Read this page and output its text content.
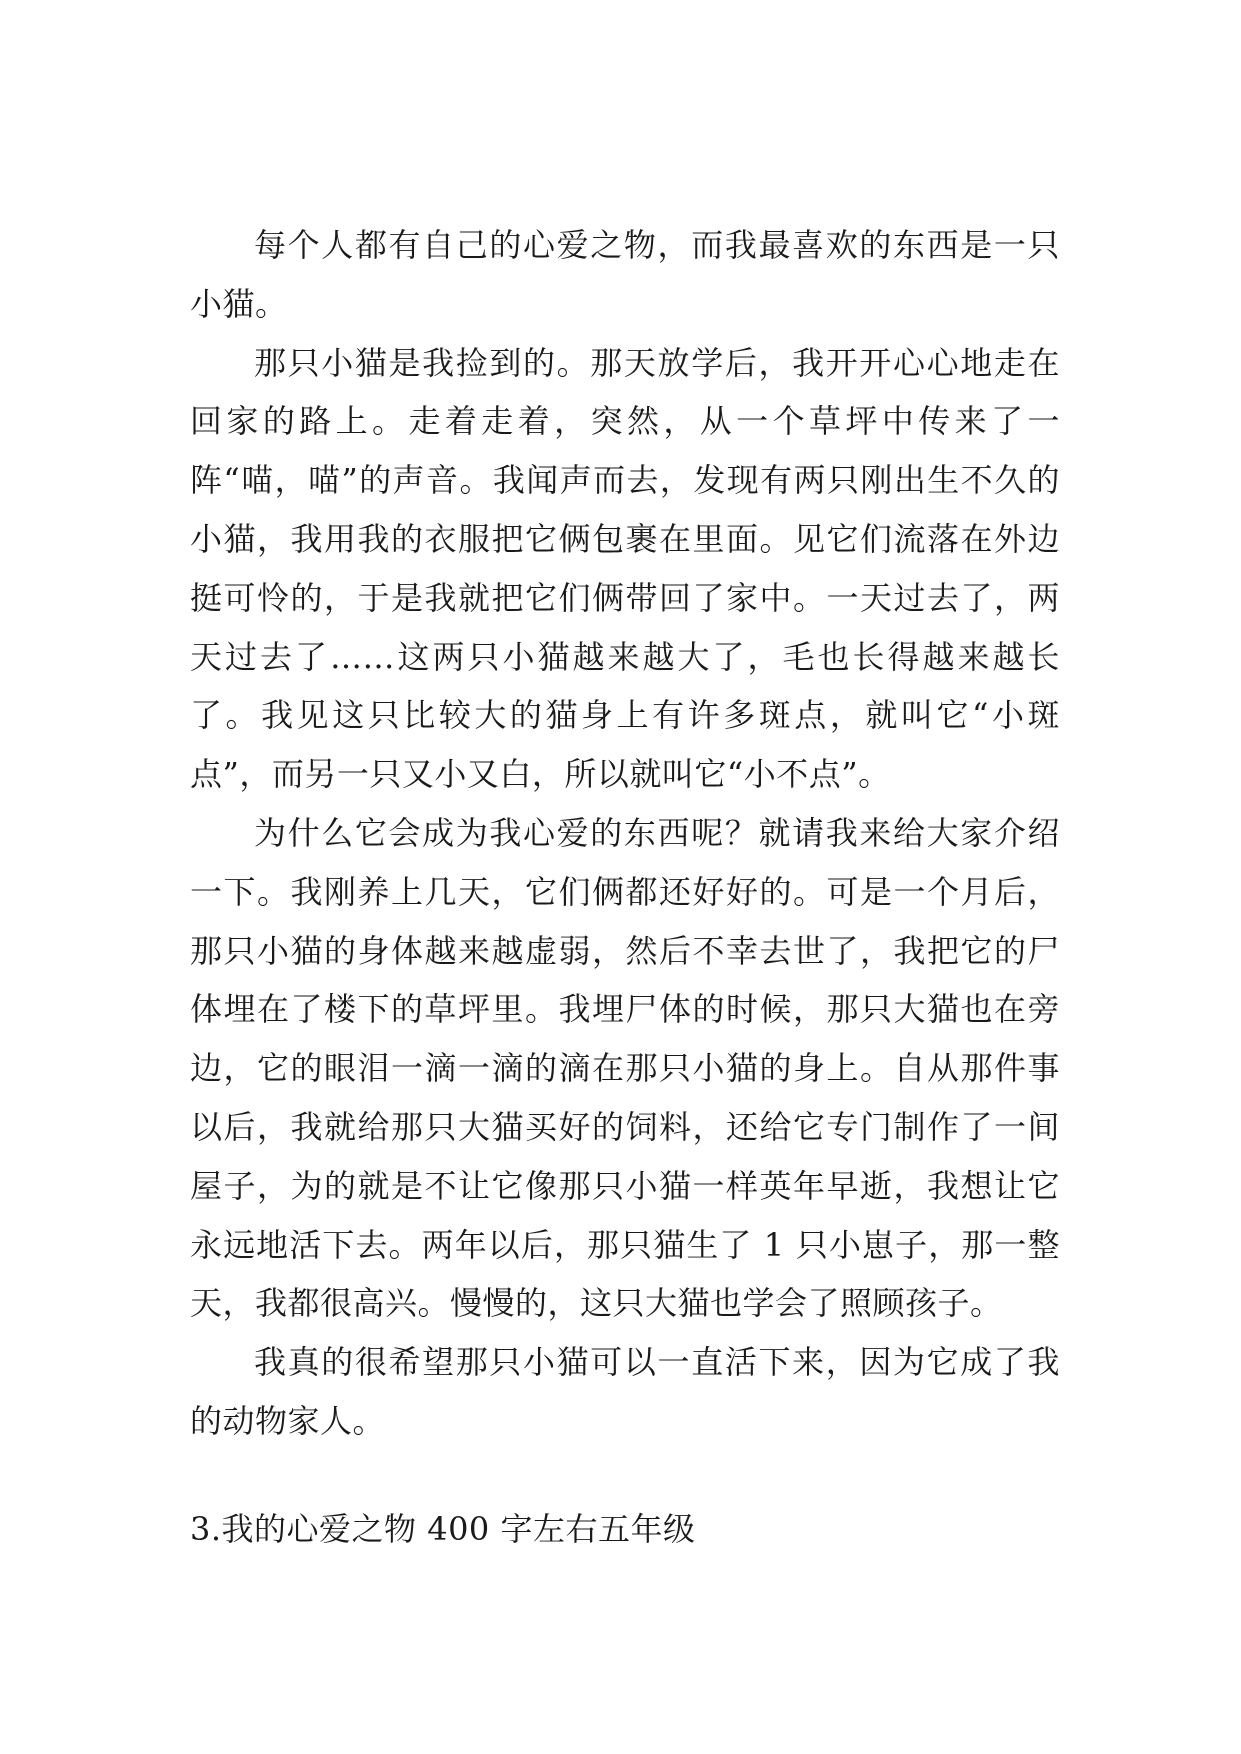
每个人都有自己的心爱之物，而我最喜欢的东西是一只小猫。

那只小猫是我捡到的。那天放学后，我开开心心地走在回家的路上。走着走着，突然，从一个草坪中传来了一阵“喵，喵”的声音。我闻声而去，发现有两只刚出生不久的小猫，我用我的衣服把它俩包裹在里面。见它们流落在外边挺可怜的，于是我就把它们俩带回了家中。一天过去了，两天过去了……这两只小猫越来越大了，毛也长得越来越长了。我见这只比较大的猫身上有许多斑点，就叫它“小斑点”，而另一只又小又白，所以就叫它“小不点”。

为什么它会成为我心爱的东西呢？就请我来给大家介绍一下。我刚养上几天，它们俩都还好好的。可是一个月后，那只小猫的身体越来越虚弱，然后不幸去世了，我把它的尸体埋在了楼下的草坪里。我埋尸体的时候，那只大猫也在旁边，它的眼泪一滴一滴的滴在那只小猫的身上。自从那件事以后，我就给那只大猫买好的饲料，还给它专门制作了一间屋子，为的就是不让它像那只小猫一样英年早逝，我想让它永远地活下去。两年以后，那只猫生了 1 只小崽子，那一整天，我都很高兴。慢慢的，这只大猫也学会了照顾孩子。

我真的很希望那只小猫可以一直活下来，因为它成了我的动物家人。

3.我的心爱之物 400 字左右五年级
